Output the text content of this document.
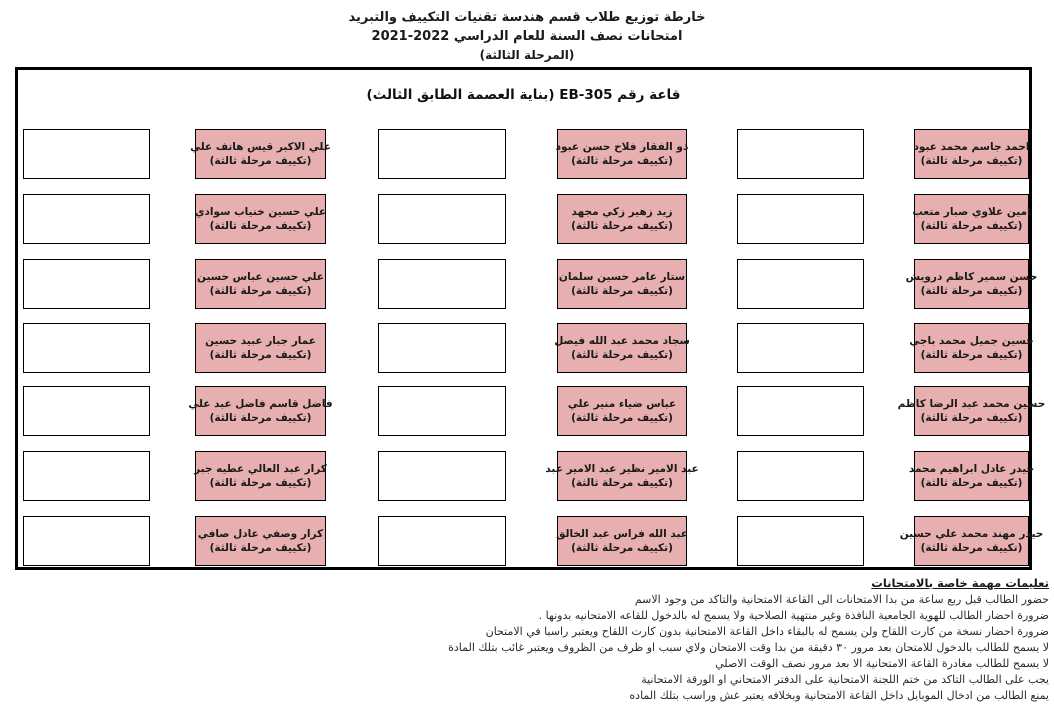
خارطة توزيع طلاب قسم هندسة تقنيات التكييف والتبريد
امتحانات نصف السنة للعام الدراسي 2022-2021
(المرحلة الثالثة)
قاعة رقم EB-305 (بناية العصمة الطابق الثالث)
علي الاكبر قيس هاتف علي
(تكييف مرحلة ثالثة)
ذو الفقار فلاح حسن عبود
(تكييف مرحلة ثالثة)
احمد جاسم محمد عبود
(تكييف مرحلة ثالثة)
علي حسين خنياب سوادي
(تكييف مرحلة ثالثة)
زيد زهير زكي مجهد
(تكييف مرحلة ثالثة)
امين علاوي صبار متعب
(تكييف مرحلة ثالثة)
علي حسين عباس حسين
(تكييف مرحلة ثالثة)
ستار عامر حسين سلمان
(تكييف مرحلة ثالثة)
حسن سمير كاظم درويش
(تكييف مرحلة ثالثة)
عمار جبار عبيد حسين
(تكييف مرحلة ثالثة)
سجاد محمد عبد الله فيصل
(تكييف مرحلة ثالثة)
حسين جميل محمد باجي
(تكييف مرحلة ثالثة)
فاضل قاسم فاضل عبد علي
(تكييف مرحلة ثالثة)
عباس ضياء منير علي
(تكييف مرحلة ثالثة)
حسين محمد عبد الرضا كاظم
(تكييف مرحلة ثالثة)
كرار عبد العالي عطيه جبر
(تكييف مرحلة ثالثة)
عبد الامير نظير عبد الامير عبد
(تكييف مرحلة ثالثة)
حيدر عادل ابراهيم محمد
(تكييف مرحلة ثالثة)
كرار وصفي عادل صافي
(تكييف مرحلة ثالثة)
عبد الله فراس عبد الخالق
(تكييف مرحلة ثالثة)
حيدر مهند محمد علي حسين
(تكييف مرحلة ثالثة)
تعليمات مهمة خاصة بالامتحانات
حضور الطالب قبل ربع ساعة من بدا الامتحانات الى القاعة الامتحانية والتاكد من وجود الاسم
ضرورة احضار الطالب للهوية الجامعية النافذة وغير منتهية الصلاحية ولا يسمح له بالدخول للقاعه الامتحانيه بدونها .
ضرورة احضار نسخة من كارت اللقاح ولن يسمح له بالبقاء داخل القاعة الامتحانية بدون كارت اللقاح ويعتبر راسبا في الامتحان
لا يسمح للطالب بالدخول للامتحان بعد مرور ٣٠ دقيقة من بدا وقت الامتحان ولاي سبب او ظرف من الظروف ويعتبر غائب بتلك المادة
لا يسمح للطالب مغادرة القاعة الامتحانية الا بعد مرور نصف الوقت الاصلي
يجب على الطالب التاكد من ختم اللجنة الامتحانية على الدفتر الامتحاني او الورقة الامتحانية
يمنع الطالب من ادخال الموبايل داخل القاعة الامتحانية وبخلافه يعتبر غش وراسب بتلك الماده
